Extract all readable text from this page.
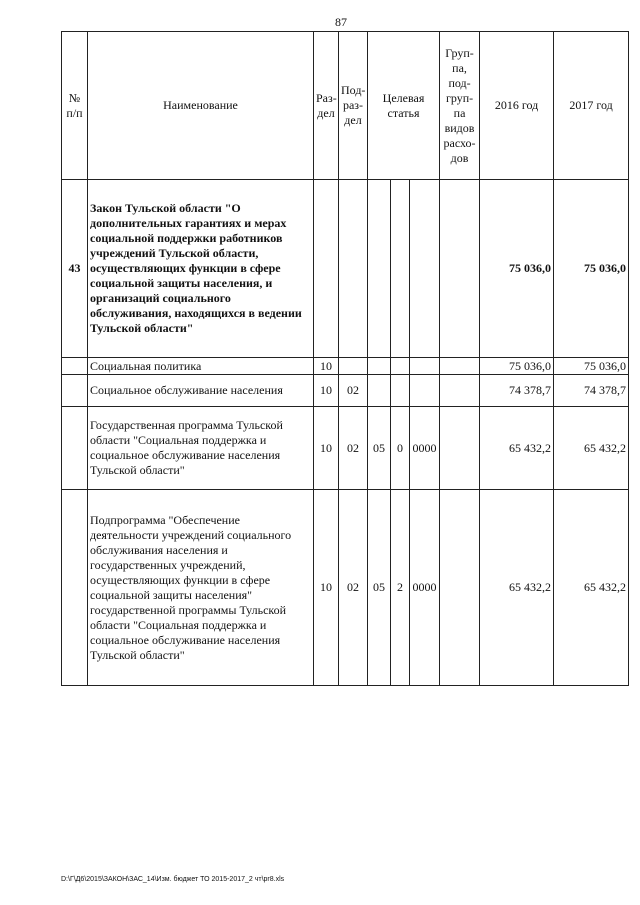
87
№ п/п	Наименование	Раз-дел	Под-раз-дел	Целевая статья			Груп-па, под-груп-па видов расхо-дов	2016 год	2017 год
43	Закон Тульской области "О дополнительных гарантиях и мерах социальной поддержки работников учреждений Тульской области, осуществляющих функции в сфере социальной защиты населения, и организаций социального обслуживания, находящихся в ведении Тульской области"							75 036,0	75 036,0
	Социальная политика	10						75 036,0	75 036,0
	Социальное обслуживание населения	10	02					74 378,7	74 378,7
	Государственная программа Тульской области "Социальная поддержка и социальное обслуживание населения Тульской области"	10	02	05	0	0000		65 432,2	65 432,2
	Подпрограмма "Обеспечение деятельности учреждений социального обслуживания населения и государственных учреждений, осуществляющих функции в сфере социальной защиты населения" государственной программы Тульской области "Социальная поддержка и социальное обслуживание населения Тульской области"	10	02	05	2	0000		65 432,2	65 432,2
D:\Г\Д6\2015\ЗАКОН\ЗАС_14\Изм. бюджет ТО 2015-2017_2 чт\pr8.xls
